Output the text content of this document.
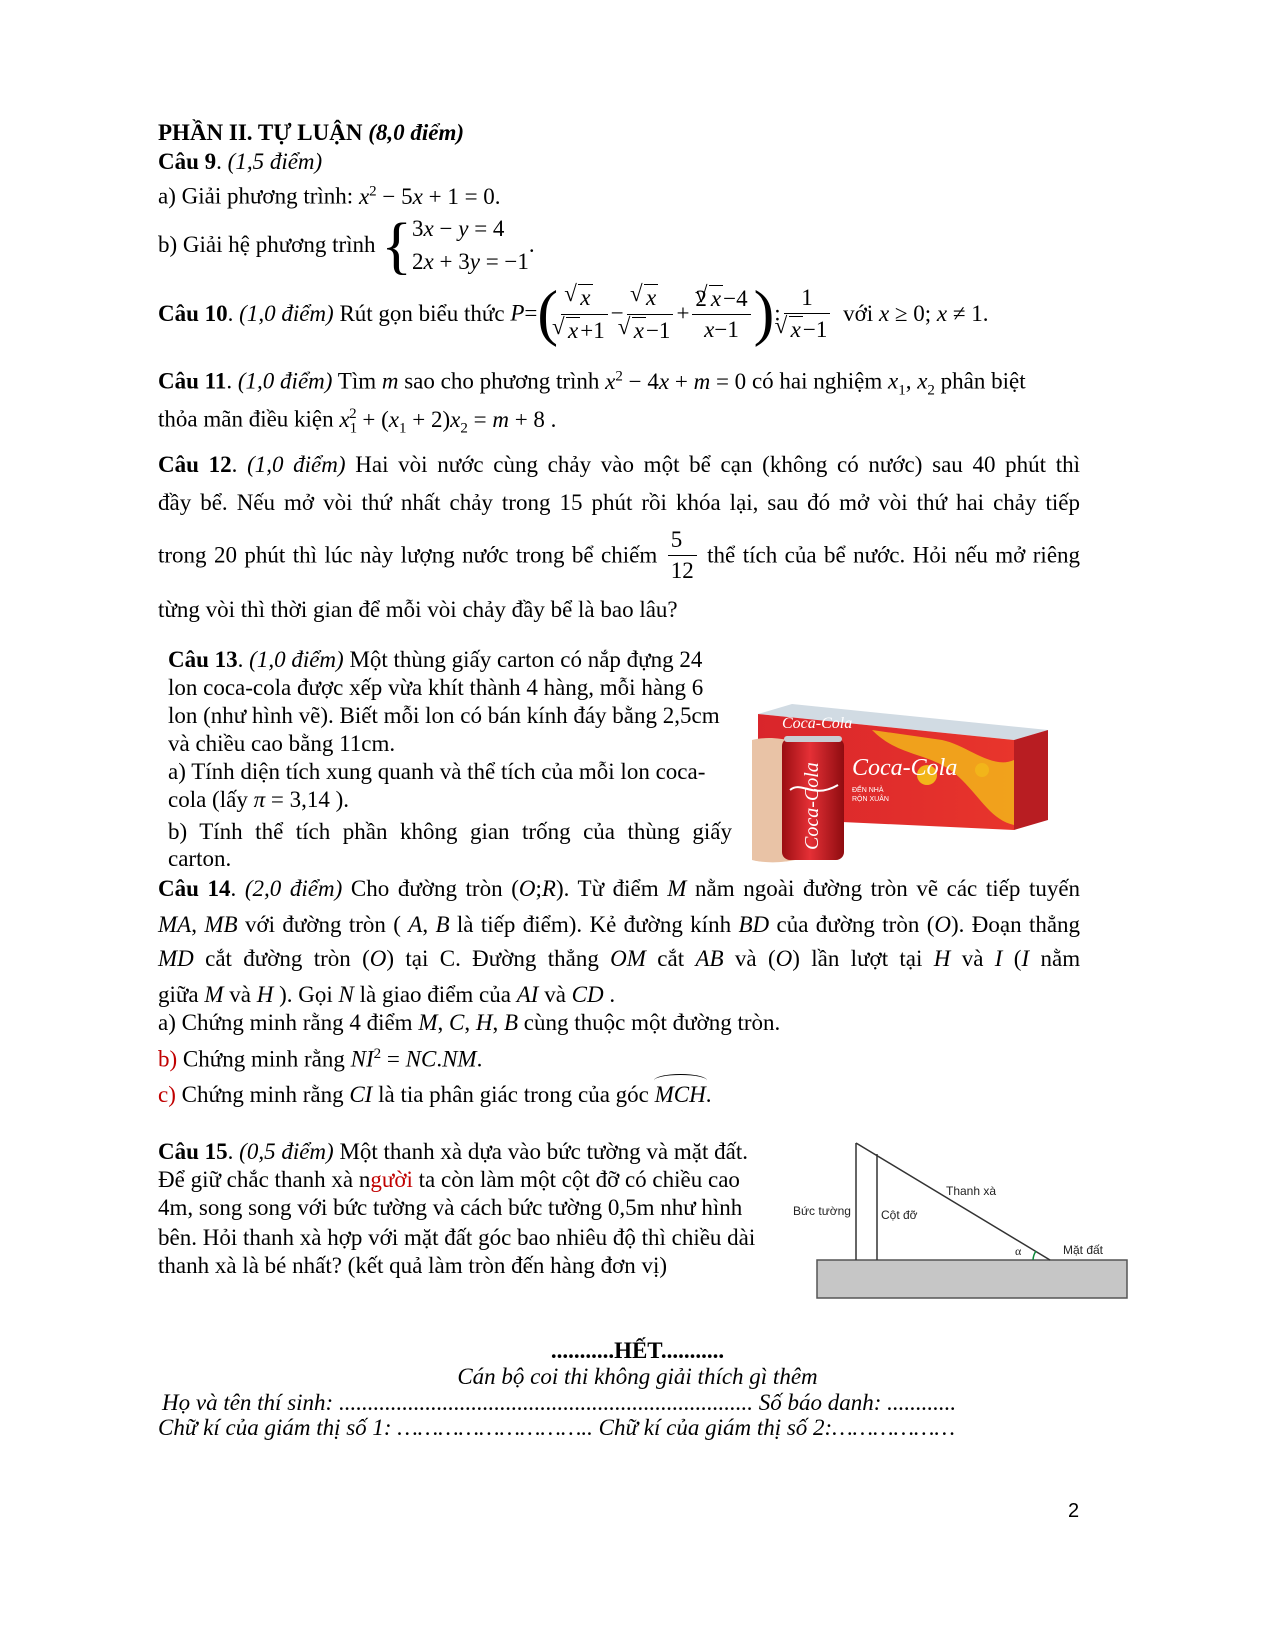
PHẦN II. TỰ LUẬN (8,0 điểm)
Câu 9. (1,5 điểm)
a) Giải phương trình: $x^2 - 5x + 1 = 0$.
b) Giải hệ phương trình {3x − y = 4
2x + 3y = −1.
Câu 10. (1,0 điểm) Rút gọn biểu thức P=( √ x
√ x+1 − √ x
√ $x-1 + \frac{2 √ x-4}{x-1}$ ): 1
√ x−1 với x ≥ 0; x ≠ 1.
Câu 11. (1,0 điểm) Tìm m sao cho phương trình $x^2 - 4x + m = 0$ có hai nghiệm $x_1$, $x_2$ phân biệt
thỏa mãn điều kiện $x_1^2 + (x_1 + 2)x_2 = m + 8$ .
Câu 12. (1,0 điểm) Hai vòi nước cùng chảy vào một bể cạn (không có nước) sau 40 phút thì
đầy bể. Nếu mở vòi thứ nhất chảy trong 15 phút rồi khóa lại, sau đó mở vòi thứ hai chảy tiếp
trong 20 phút thì lúc này lượng nước trong bể chiếm $\frac{5}{12}$ thể tích của bể nước. Hỏi nếu mở riêng
từng vòi thì thời gian để mỗi vòi chảy đầy bể là bao lâu?
Câu 13. (1,0 điểm) Một thùng giấy carton có nắp đựng 24
lon coca-cola được xếp vừa khít thành 4 hàng, mỗi hàng 6
lon (như hình vẽ). Biết mỗi lon có bán kính đáy bằng 2,5cm
và chiều cao bằng 11cm.
a) Tính diện tích xung quanh và thể tích của mỗi lon coca-
cola (lấy π = 3,14 ).
b) Tính thể tích phần không gian trống của thùng giấy
carton.
Coca-Cola
Coca-Cola
ĐẾN NHÀ
RỘN XUÂN
Coca-Cola
Câu 14. (2,0 điểm) Cho đường tròn (O;R). Từ điểm M nằm ngoài đường tròn vẽ các tiếp tuyến
MA, MB với đường tròn ( A, B là tiếp điểm). Kẻ đường kính BD của đường tròn (O). Đoạn thẳng
MD cắt đường tròn (O) tại C. Đường thẳng OM cắt AB và (O) lần lượt tại H và I (I nằm
giữa M và H ). Gọi N là giao điểm của AI và CD .
a) Chứng minh rằng 4 điểm M, C, H, B cùng thuộc một đường tròn.
b) Chứng minh rằng $NI^2 = NC.NM$.
c) Chứng minh rằng CI là tia phân giác trong của góc MCH.
Câu 15. (0,5 điểm) Một thanh xà dựa vào bức tường và mặt đất.
Để giữ chắc thanh xà người ta còn làm một cột đỡ có chiều cao
4m, song song với bức tường và cách bức tường 0,5m như hình
bên. Hỏi thanh xà hợp với mặt đất góc bao nhiêu độ thì chiều dài
thanh xà là bé nhất? (kết quả làm tròn đến hàng đơn vị)
Bức tường	Cột đỡ
Thanh xà
Mặt đất
α
...........HẾT...........
Cán bộ coi thi không giải thích gì thêm
Họ và tên thí sinh: ........................................................................ Số báo danh: ............
Chữ kí của giám thị số 1: ……………………….. Chữ kí của giám thị số 2:………………
2
